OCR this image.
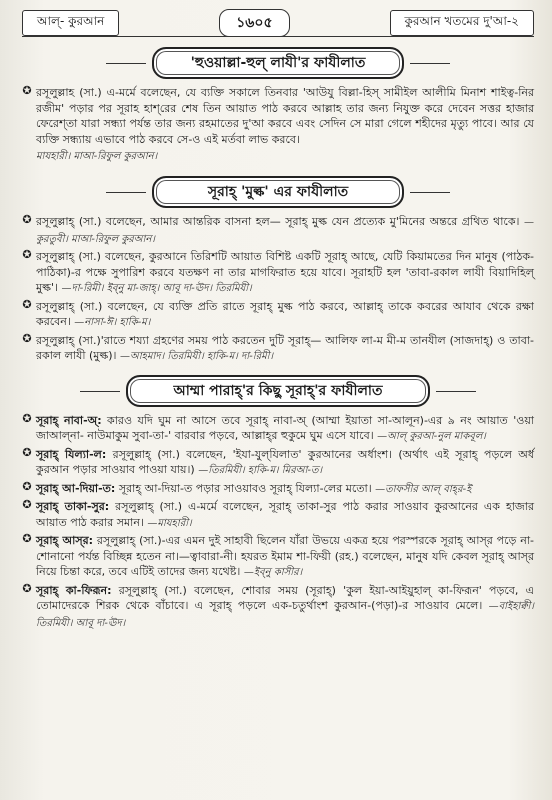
আল্- কুরআন	১৬০৫	কুরআন খতমের দু'আ-২
'হুওয়াল্লা-হুল্ লাযী'র ফাযীলাত
✪ রসূলুল্লাহ (সা.) এ-মর্মে বলেছেন, যে ব্যক্তি সকালে তিনবার 'আউযু বিল্লা-হিস্ সামীইল আলীমি মিনাশ শাইত্ব-নির রজীম' পড়ার পর সূরাহ হাশ্‌রের শেষ তিন আয়াত পাঠ করবে আল্লাহ তার জন্য নিযুক্ত করে দেবেন সত্তর হাজার ফেরেশ্‌তা যারা সন্ধ্যা পর্যন্ত তার জন্য রহমাতের দু'আ করবে এবং সেদিন সে মারা গেলে শহীদের মৃত্যু পাবে। আর যে ব্যক্তি সন্ধ্যায় এভাবে পাঠ করবে সে-ও এই মর্তবা লাভ করবে।
মাযহারী। মাআ-রিফুল কুরআন।
সূরাহ্‌ 'মুল্ক' এর ফাযীলাত
✪ রসূলুল্লাহ্‌ (সা.) বলেছেন, আমার আন্তরিক বাসনা হল— সূরাহ্‌ মুল্ক যেন প্রত্যেক মু'মিনের অন্তরে গ্রথিত থাকে। —কুরতুবী। মাআ-রিফুল কুরআন।
✪ রসূলুল্লাহ্‌ (সা.) বলেছেন, কুরআনে তিরিশটি আয়াত বিশিষ্ট একটি সূরাহ্‌ আছে, যেটি কিয়ামতের দিন মানুষ (পাঠক-পাঠিকা)-র পক্ষে সুপারিশ করবে যতক্ষণ না তার মাগফিরাত হয়ে যাবে। সূরাহটি হল 'তাবা-রকাল লাযী বিয়াদিহিল্ মুল্ক'। —দা-রিমী। ইব্‌নু মা-জাহ্‌। আবূ দা-ঊদ। তিরমিযী।
✪ রসূলুল্লাহ্‌ (সা.) বলেছেন, যে ব্যক্তি প্রতি রাতে সূরাহ্‌ মুল্ক পাঠ করবে, আল্লাহ্‌ তাকে কবরের আযাব থেকে রক্ষা করবেন। —নাসা-ঈ। হাকি-ম।
✪ রসূলুল্লাহ্‌ (সা.)'রাতে শয্যা গ্রহণের সময় পাঠ করতেন দুটি সূরাহ্‌— আলিফ লা-ম মী-ম তানযীল (সাজদাহ্‌) ও তাবা-রকাল লাযী (মুল্ক)। —আহমাদ। তিরমিযী। হাকি-ম। দা-রিমী।
আম্মা পারাহ্‌'র কিছু সূরাহ্‌'র ফাযীলাত
✪ সূরাহ্‌ নাবা-অ্‌: কারও যদি ঘুম না আসে তবে সূরাহ্‌ নাবা-অ্‌ (আম্মা ইয়াতা সা-আলূন)-এর ৯ নং আয়াত 'ওয়া জাআল্‌না- নাউমাকুম সুবা-তা-' বারবার পড়বে, আল্লাহ্‌র হুকুমে ঘুম এসে যাবে। —আল্‌ কুরআ-নুল মাকবূল।
✪ সূরাহ্‌ যিল্যা-ল: রসূলুল্লাহ্‌ (সা.) বলেছেন, 'ইযা-যুল্‌যিলাত' কুরআনের অর্ধাংশ। (অর্থাৎ এই সূরাহ্‌ পড়লে অর্ধ কুরআন পড়ার সাওয়াব পাওয়া যায়।) —তিরমিযী। হাকি-ম। মিরআ-ত।
✪ সূরাহ্‌ আ-দিয়া-ত: সূরাহ্‌ আ-দিয়া-ত পড়ার সাওয়াবও সূরাহ্‌ যিল্যা-লের মতো। —তাফসীর আল্‌ বাহ্‌র-ই
✪ সূরাহ্‌ তাকা-সুর: রসূলুল্লাহ্‌ (সা.) এ-মর্মে বলেছেন, সূরাহ্‌ তাকা-সুর পাঠ করার সাওয়াব কুরআনের এক হাজার আয়াত পাঠ করার সমান। —মাযহারী।
✪ সূরাহ্‌ আস্‌র: রসূলুল্লাহ্‌ (সা.)-এর এমন দুই সাহাবী ছিলেন যাঁরা উভয়ে একত্র হয়ে পরস্পরকে সূরাহ্‌ আস্‌র পড়ে না-শোনানো পর্যন্ত বিচ্ছিন্ন হতেন না।—ত্বাবারা-নী। হযরত ইমাম শা-ফিয়ী (রহ.) বলেছেন, মানুষ যদি কেবল সূরাহ্‌ আস্‌র নিয়ে চিন্তা করে, তবে এটিই তাদের জন্য যথেষ্ট। —ইব্‌নু কাসীর।
✪ সূরাহ্‌ কা-ফিরূন: রসূলুল্লাহ্‌ (সা.) বলেছেন, শোবার সময় (সূরাহ্‌) 'কুল ইয়া-আইয়ুহাল্‌ কা-ফিরূন' পড়বে, এ তোমাদেরকে শিরক থেকে বাঁচাবে। এ সূরাহ্‌ পড়লে এক-চতুর্থাংশ কুরআন-(পড়া)-র সাওয়াব মেলে। —বাইহাক্বী। তিরমিযী। আবূ দা-ঊদ।
